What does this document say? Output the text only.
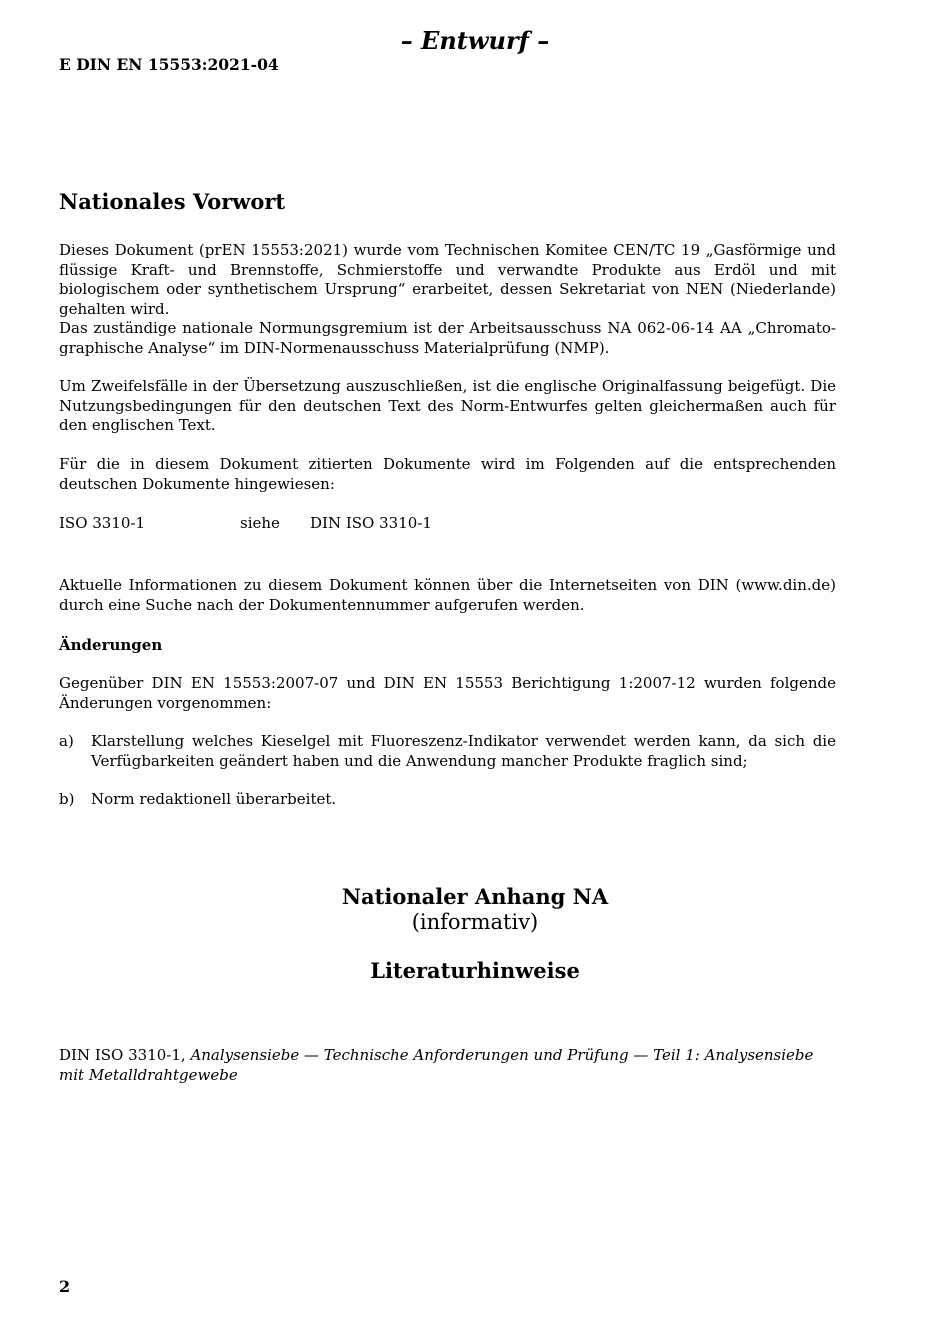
– Entwurf –
E DIN EN 15553:2021-04
Nationales Vorwort
Dieses Dokument (prEN 15553:2021) wurde vom Technischen Komitee CEN/TC 19 „Gasförmige und flüssige Kraft- und Brennstoffe, Schmierstoffe und verwandte Produkte aus Erdöl und mit biologischem oder synthetischem Ursprung“ erarbeitet, dessen Sekretariat von NEN (Niederlande) gehalten wird.
Das zuständige nationale Normungsgremium ist der Arbeitsausschuss NA 062-06-14 AA „Chromatographische Analyse“ im DIN-Normenausschuss Materialprüfung (NMP).
Um Zweifelsfälle in der Übersetzung auszuschließen, ist die englische Originalfassung beigefügt. Die Nutzungsbedingungen für den deutschen Text des Norm-Entwurfes gelten gleichermaßen auch für den englischen Text.
Für die in diesem Dokument zitierten Dokumente wird im Folgenden auf die entsprechenden deutschen Dokumente hingewiesen:
ISO 3310-1	siehe DIN ISO 3310-1
Aktuelle Informationen zu diesem Dokument können über die Internetseiten von DIN (www.din.de) durch eine Suche nach der Dokumentennummer aufgerufen werden.
Änderungen
Gegenüber DIN EN 15553:2007-07 und DIN EN 15553 Berichtigung 1:2007-12 wurden folgende Änderungen vorgenommen:
a) Klarstellung welches Kieselgel mit Fluoreszenz-Indikator verwendet werden kann, da sich die Verfügbarkeiten geändert haben und die Anwendung mancher Produkte fraglich sind;
b) Norm redaktionell überarbeitet.
Nationaler Anhang NA
(informativ)
Literaturhinweise
DIN ISO 3310-1, Analysensiebe — Technische Anforderungen und Prüfung — Teil 1: Analysensiebe mit Metalldrahtgewebe
2
